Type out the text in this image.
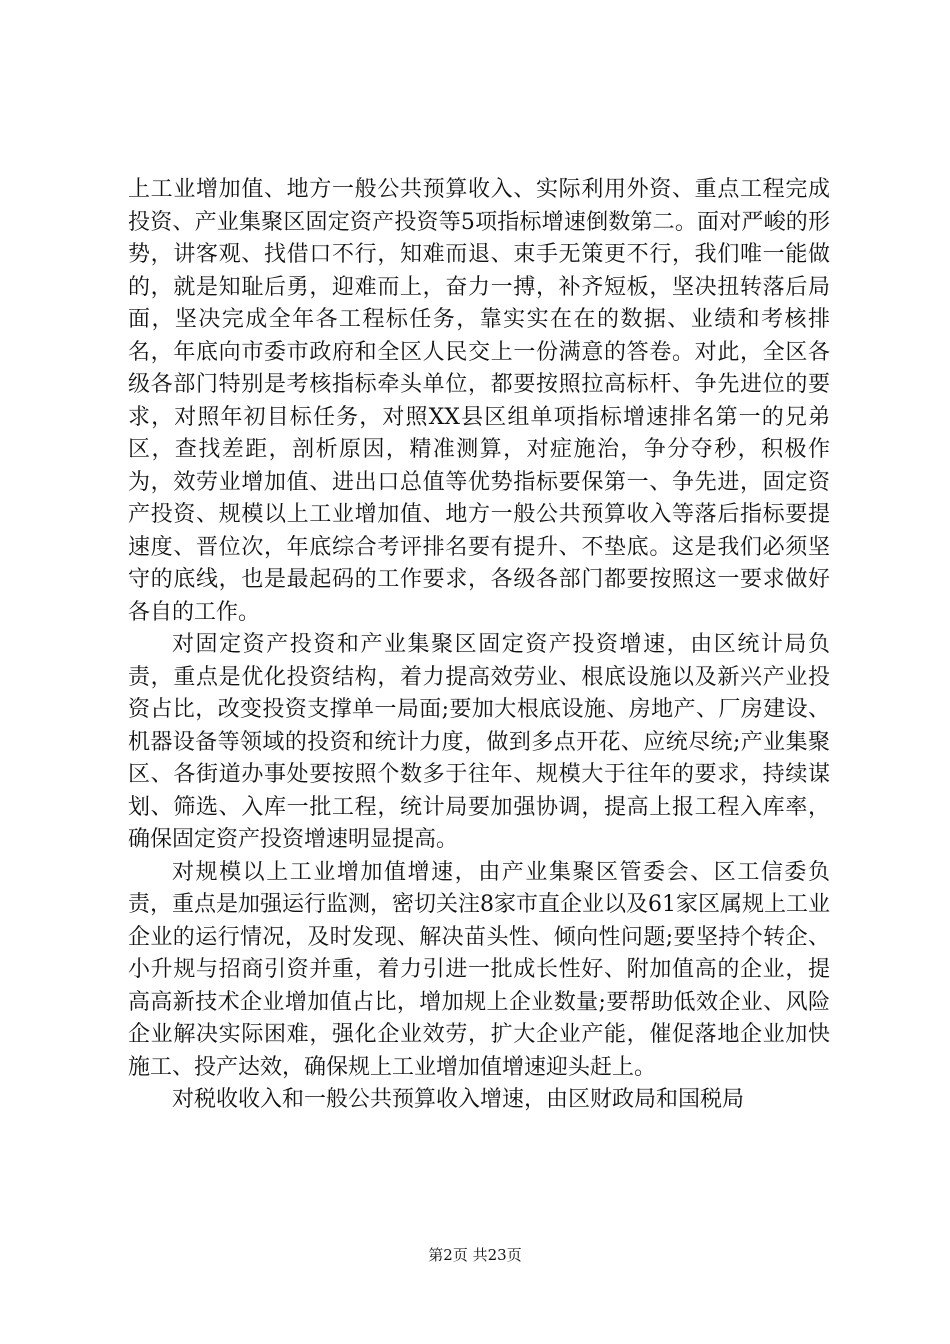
上工业增加值、地方一般公共预算收入、实际利用外资、重点工程完成投资、产业集聚区固定资产投资等5项指标增速倒数第二。面对严峻的形势，讲客观、找借口不行，知难而退、束手无策更不行，我们唯一能做的，就是知耻后勇，迎难而上，奋力一搏，补齐短板，坚决扭转落后局面，坚决完成全年各工程标任务，靠实实在在的数据、业绩和考核排名，年底向市委市政府和全区人民交上一份满意的答卷。对此，全区各级各部门特别是考核指标牵头单位，都要按照拉高标杆、争先进位的要求，对照年初目标任务，对照XX县区组单项指标增速排名第一的兄弟区，查找差距，剖析原因，精准测算，对症施治，争分夺秒，积极作为，效劳业增加值、进出口总值等优势指标要保第一、争先进，固定资产投资、规模以上工业增加值、地方一般公共预算收入等落后指标要提速度、晋位次，年底综合考评排名要有提升、不垫底。这是我们必须坚守的底线，也是最起码的工作要求，各级各部门都要按照这一要求做好各自的工作。

对固定资产投资和产业集聚区固定资产投资增速，由区统计局负责，重点是优化投资结构，着力提高效劳业、根底设施以及新兴产业投资占比，改变投资支撑单一局面;要加大根底设施、房地产、厂房建设、机器设备等领域的投资和统计力度，做到多点开花、应统尽统;产业集聚区、各街道办事处要按照个数多于往年、规模大于往年的要求，持续谋划、筛选、入库一批工程，统计局要加强协调，提高上报工程入库率，确保固定资产投资增速明显提高。

对规模以上工业增加值增速，由产业集聚区管委会、区工信委负责，重点是加强运行监测，密切关注8家市直企业以及61家区属规上工业企业的运行情况，及时发现、解决苗头性、倾向性问题;要坚持个转企、小升规与招商引资并重，着力引进一批成长性好、附加值高的企业，提高高新技术企业增加值占比，增加规上企业数量;要帮助低效企业、风险企业解决实际困难，强化企业效劳，扩大企业产能，催促落地企业加快施工、投产达效，确保规上工业增加值增速迎头赶上。

对税收收入和一般公共预算收入增速，由区财政局和国税局

第2页 共23页
